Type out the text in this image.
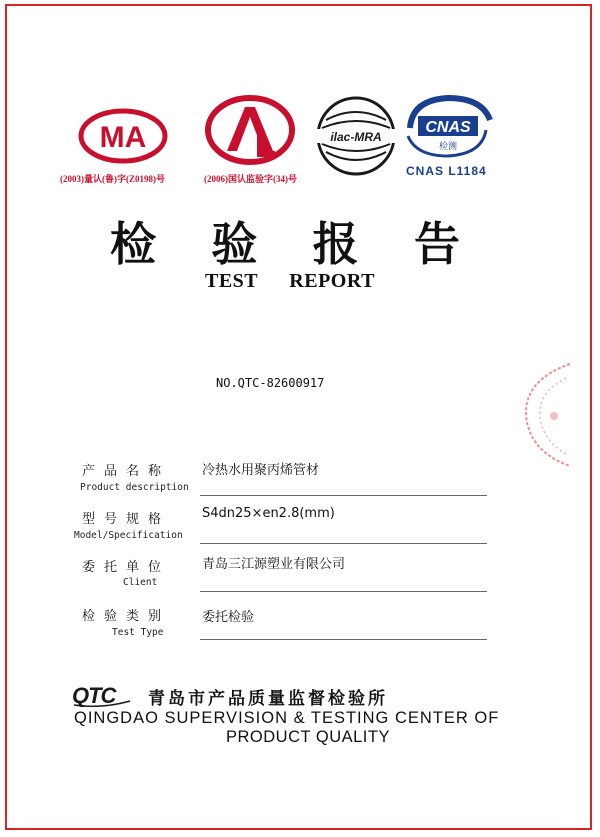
MA
(2003)量认(鲁)字(Z0198)号	(2006)国认监验字(34)号
ilac-MRA
CNAS
检测
CNAS L1184
检 验 报 告
TEST REPORT
NO.QTC-82600917
产品名称
Product description
冷热水用聚丙烯管材
型号规格
Model/Specification
S4dn25×en2.8(mm)
委托单位
Client
青岛三江源塑业有限公司
检验类别
Test Type
委托检验
QTC 青岛市产品质量监督检验所
QINGDAO SUPERVISION & TESTING CENTER OF
PRODUCT QUALITY
